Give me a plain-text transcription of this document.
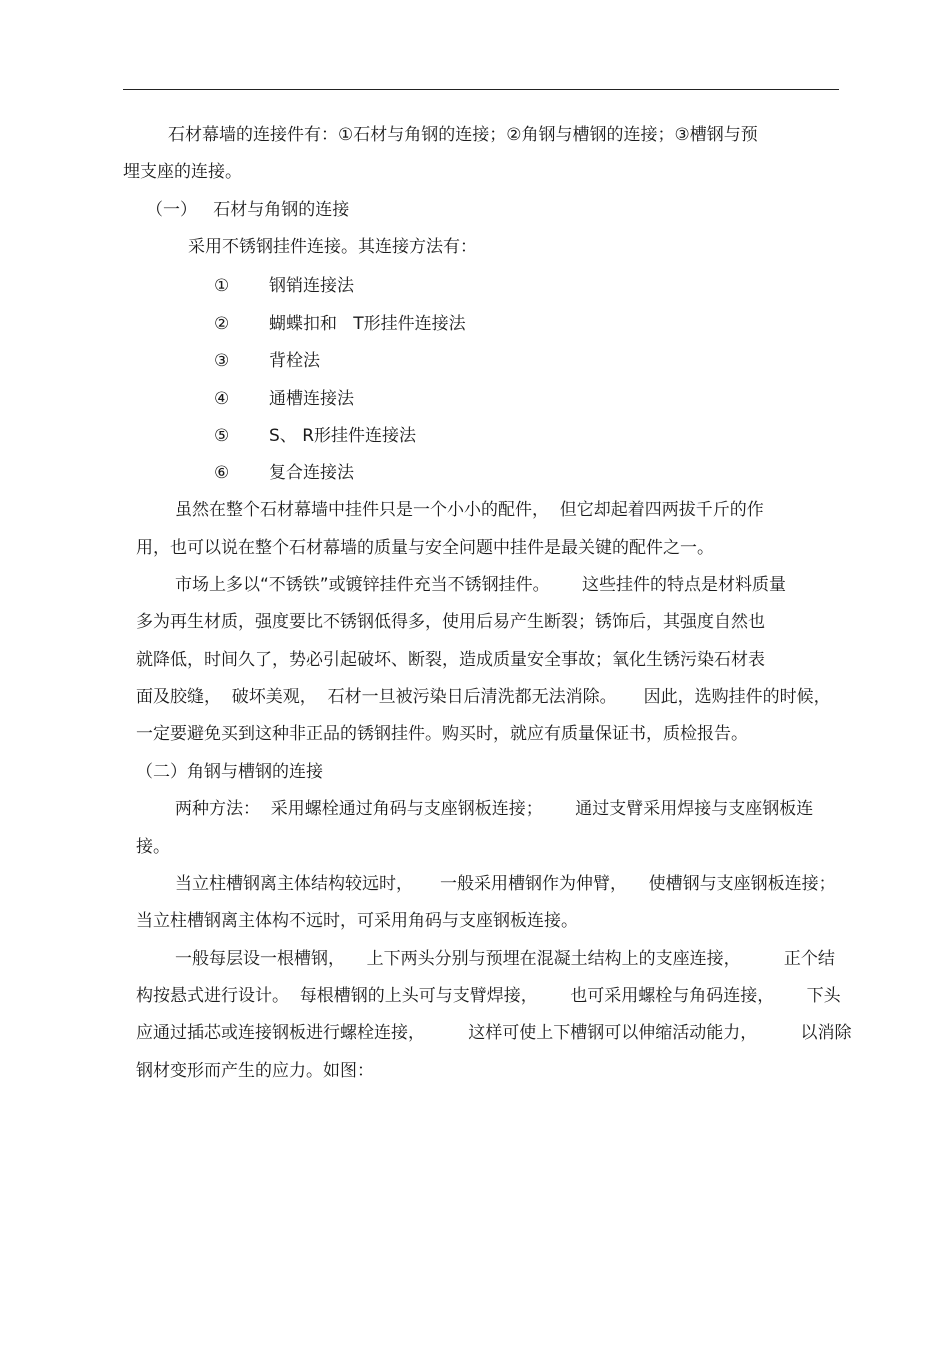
石材幕墙的连接件有：①石材与角钢的连接；②角钢与槽钢的连接；③槽钢与预
埋支座的连接。
（一）   石材与角钢的连接
采用不锈钢挂件连接。其连接方法有：
① 钢销连接法
② 蝴蝶扣和   T形挂件连接法
③ 背栓法
④ 通槽连接法
⑤ S、 R形挂件连接法
⑥ 复合连接法
虽然在整个石材幕墙中挂件只是一个小小的配件，  但它却起着四两拔千斤的作
用，也可以说在整个石材幕墙的质量与安全问题中挂件是最关键的配件之一。
市场上多以“不锈铁”或镀锌挂件充当不锈钢挂件。      这些挂件的特点是材料质量
多为再生材质，强度要比不锈钢低得多，使用后易产生断裂；锈饰后，其强度自然也
就降低，时间久了，势必引起破坏、断裂，造成质量安全事故；氧化生锈污染石材表
面及胶缝，  破坏美观，  石材一旦被污染日后清洗都无法消除。     因此，选购挂件的时候，
一定要避免买到这种非正品的锈钢挂件。购买时，就应有质量保证书，质检报告。
（二）角钢与槽钢的连接
两种方法：  采用螺栓通过角码与支座钢板连接；      通过支臂采用焊接与支座钢板连
接。
当立柱槽钢离主体结构较远时，     一般采用槽钢作为伸臂，    使槽钢与支座钢板连接；
当立柱槽钢离主体构不远时，可采用角码与支座钢板连接。
一般每层设一根槽钢，    上下两头分别与预埋在混凝土结构上的支座连接，        正个结
构按悬式进行设计。  每根槽钢的上头可与支臂焊接，      也可采用螺栓与角码连接，      下头
应通过插芯或连接钢板进行螺栓连接，        这样可使上下槽钢可以伸缩活动能力，        以消除
钢材变形而产生的应力。如图：
